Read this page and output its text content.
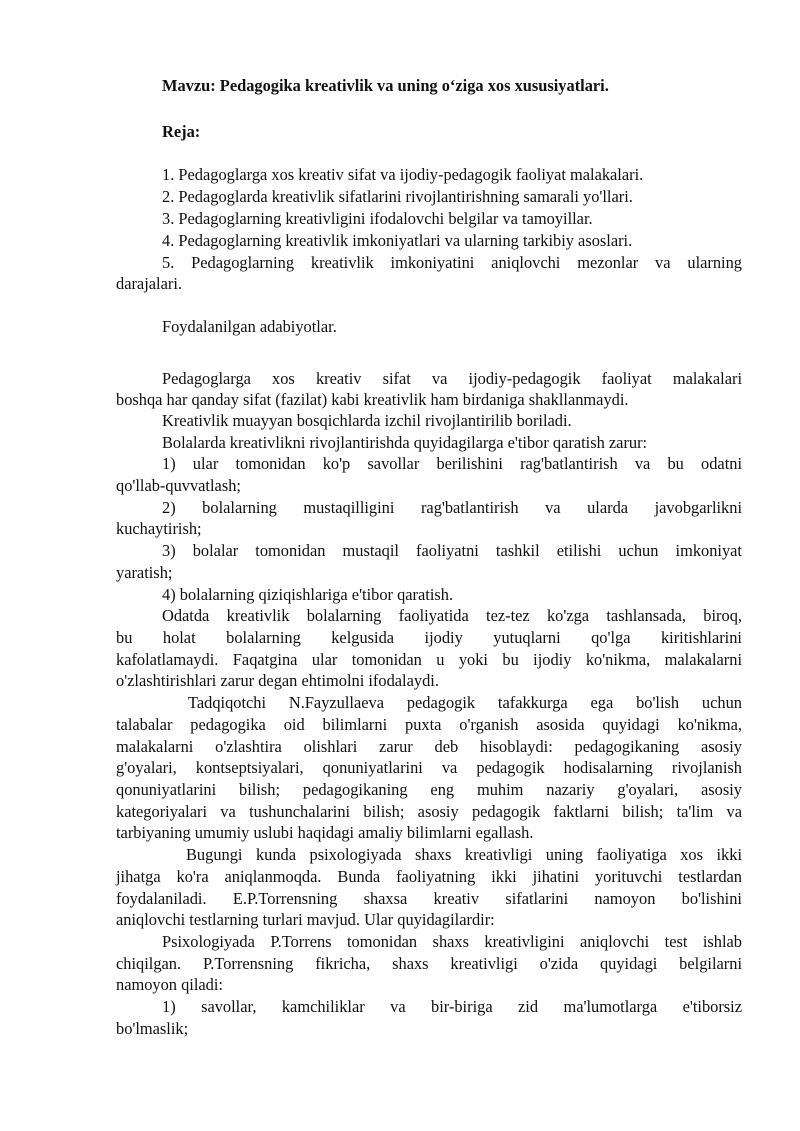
Mavzu: Pedagogika kreativlik va uning o‘ziga xos xususiyatlari.
Reja:
1. Pedagoglarga xos kreativ sifat va ijodiy-pedagogik faoliyat malakalari.
2. Pedagoglarda kreativlik sifatlarini rivojlantirishning samarali yo'llari.
3. Pedagoglarning kreativligini ifodalovchi belgilar va tamoyillar.
4. Pedagoglarning kreativlik imkoniyatlari va ularning tarkibiy asoslari.
5. Pedagoglarning kreativlik imkoniyatini aniqlovchi mezonlar va ularning
darajalari.
Foydalanilgan adabiyotlar.
Pedagoglarga xos kreativ sifat va ijodiy-pedagogik faoliyat malakalari
boshqa har qanday sifat (fazilat) kabi kreativlik ham birdaniga shakllanmaydi.
Kreativlik muayyan bosqichlarda izchil rivojlantirilib boriladi.
Bolalarda kreativlikni rivojlantirishda quyidagilarga e'tibor qaratish zarur:
1) ular tomonidan ko'p savollar berilishini rag'batlantirish va bu odatni
qo'llab-quvvatlash;
2) bolalarning mustaqilligini rag'batlantirish va ularda javobgarlikni
kuchaytirish;
3) bolalar tomonidan mustaqil faoliyatni tashkil etilishi uchun imkoniyat
yaratish;
4) bolalarning qiziqishlariga e'tibor qaratish.
Odatda kreativlik bolalarning faoliyatida tez-tez ko'zga tashlansada, biroq,
bu holat bolalarning kelgusida ijodiy yutuqlarni qo'lga kiritishlarini
kafolatlamaydi. Faqatgina ular tomonidan u yoki bu ijodiy ko'nikma, malakalarni
o'zlashtirishlari zarur degan ehtimolni ifodalaydi.
Tadqiqotchi N.Fayzullaeva pedagogik tafakkurga ega bo'lish uchun
talabalar pedagogika oid bilimlarni puxta o'rganish asosida quyidagi ko'nikma,
malakalarni o'zlashtira olishlari zarur deb hisoblaydi: pedagogikaning asosiy
g'oyalari, kontseptsiyalari, qonuniyatlarini va pedagogik hodisalarning rivojlanish
qonuniyatlarini bilish; pedagogikaning eng muhim nazariy g'oyalari, asosiy
kategoriyalari va tushunchalarini bilish; asosiy pedagogik faktlarni bilish; ta'lim va
tarbiyaning umumiy uslubi haqidagi amaliy bilimlarni egallash.
Bugungi kunda psixologiyada shaxs kreativligi uning faoliyatiga xos ikki
jihatga ko'ra aniqlanmoqda. Bunda faoliyatning ikki jihatini yorituvchi testlardan
foydalaniladi. E.P.Torrensning shaxsa kreativ sifatlarini namoyon bo'lishini
aniqlovchi testlarning turlari mavjud. Ular quyidagilardir:
Psixologiyada P.Torrens tomonidan shaxs kreativligini aniqlovchi test ishlab
chiqilgan. P.Torrensning fikricha, shaxs kreativligi o'zida quyidagi belgilarni
namoyon qiladi:
1) savollar, kamchiliklar va bir-biriga zid ma'lumotlarga e'tiborsiz
bo'lmaslik;
